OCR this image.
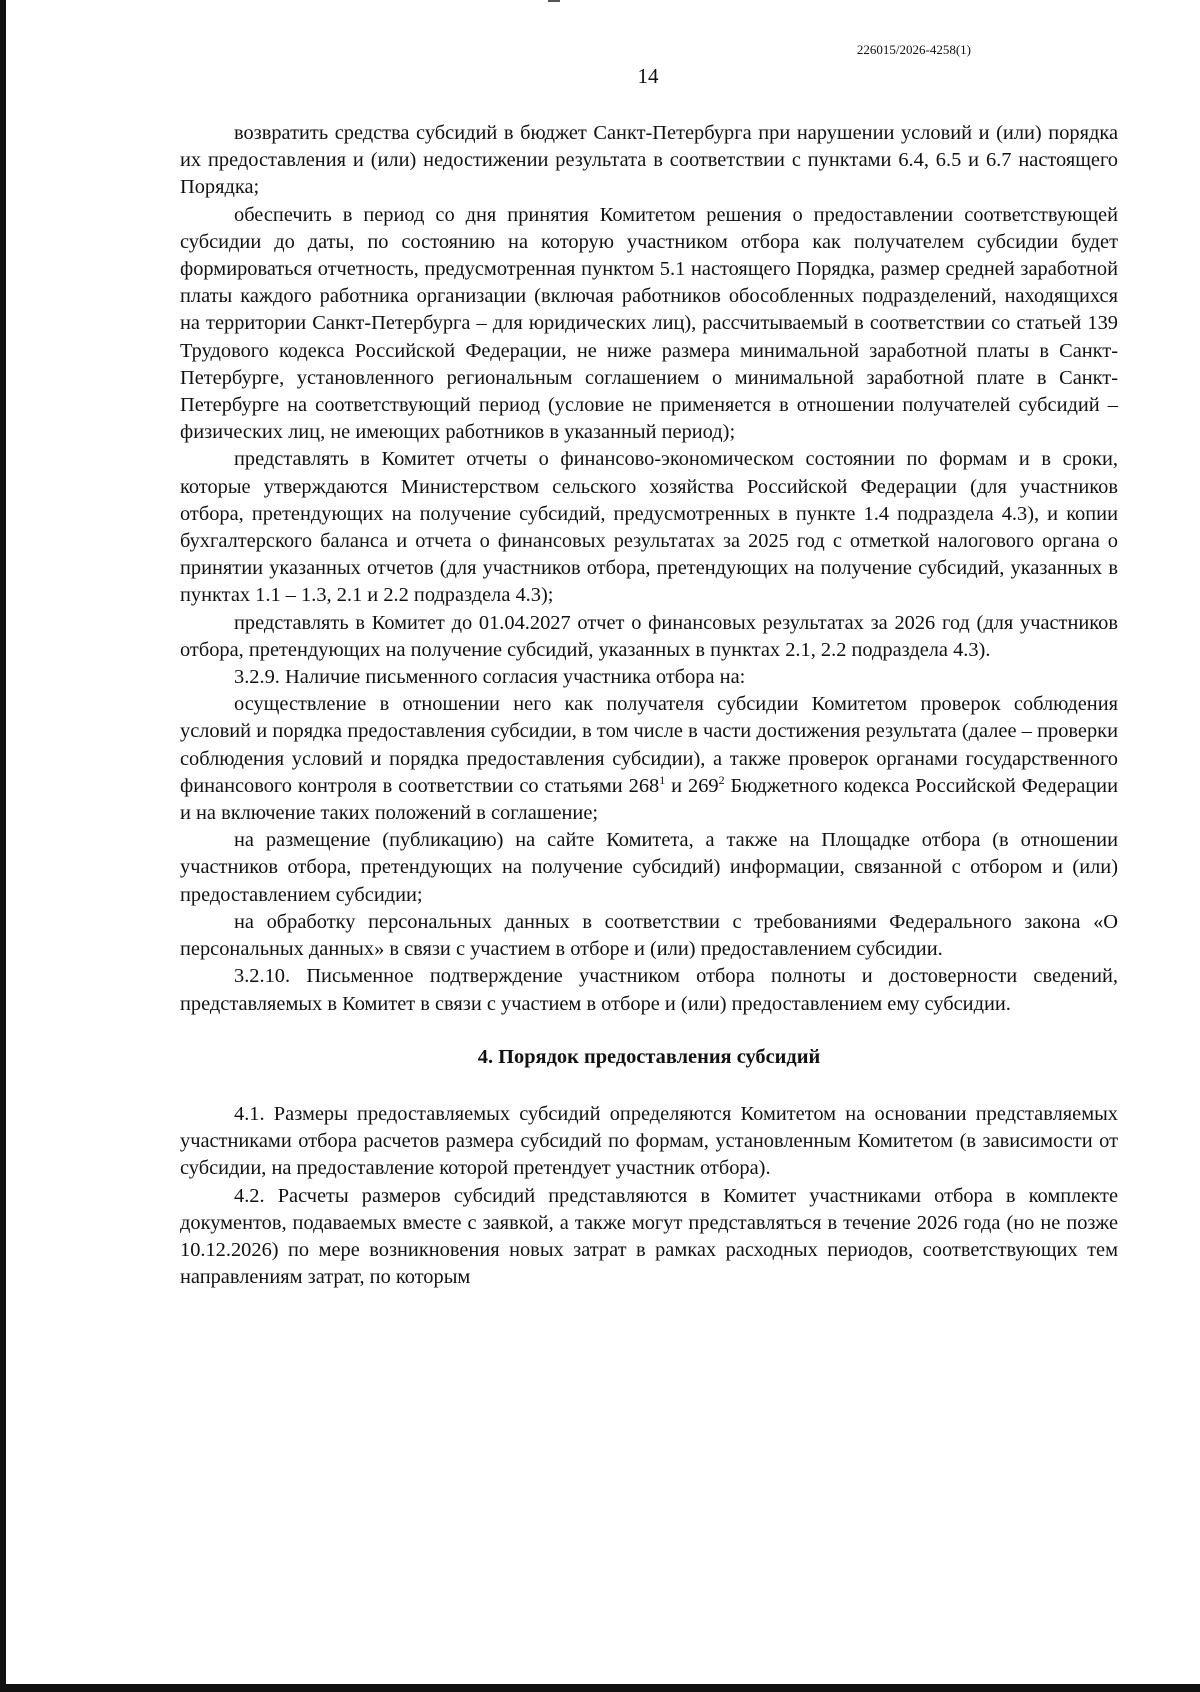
226015/2026-4258(1)
14

возвратить средства субсидий в бюджет Санкт-Петербурга при нарушении условий и (или) порядка их предоставления и (или) недостижении результата в соответствии с пунктами 6.4, 6.5 и 6.7 настоящего Порядка;

обеспечить в период со дня принятия Комитетом решения о предоставлении соответствующей субсидии до даты, по состоянию на которую участником отбора как получателем субсидии будет формироваться отчетность, предусмотренная пунктом 5.1 настоящего Порядка, размер средней заработной платы каждого работника организации (включая работников обособленных подразделений, находящихся на территории Санкт-Петербурга – для юридических лиц), рассчитываемый в соответствии со статьей 139 Трудового кодекса Российской Федерации, не ниже размера минимальной заработной платы в Санкт-Петербурге, установленного региональным соглашением о минимальной заработной плате в Санкт-Петербурге на соответствующий период (условие не применяется в отношении получателей субсидий – физических лиц, не имеющих работников в указанный период);

представлять в Комитет отчеты о финансово-экономическом состоянии по формам и в сроки, которые утверждаются Министерством сельского хозяйства Российской Федерации (для участников отбора, претендующих на получение субсидий, предусмотренных в пункте 1.4 подраздела 4.3), и копии бухгалтерского баланса и отчета о финансовых результатах за 2025 год с отметкой налогового органа о принятии указанных отчетов (для участников отбора, претендующих на получение субсидий, указанных в пунктах 1.1 – 1.3, 2.1 и 2.2 подраздела 4.3);

представлять в Комитет до 01.04.2027 отчет о финансовых результатах за 2026 год (для участников отбора, претендующих на получение субсидий, указанных в пунктах 2.1, 2.2 подраздела 4.3).

3.2.9. Наличие письменного согласия участника отбора на:

осуществление в отношении него как получателя субсидии Комитетом проверок соблюдения условий и порядка предоставления субсидии, в том числе в части достижения результата (далее – проверки соблюдения условий и порядка предоставления субсидии), а также проверок органами государственного финансового контроля в соответствии со статьями $268^1$ и $269^2$ Бюджетного кодекса Российской Федерации и на включение таких положений в соглашение;

на размещение (публикацию) на сайте Комитета, а также на Площадке отбора (в отношении участников отбора, претендующих на получение субсидий) информации, связанной с отбором и (или) предоставлением субсидии;

на обработку персональных данных в соответствии с требованиями Федерального закона «О персональных данных» в связи с участием в отборе и (или) предоставлением субсидии.

3.2.10. Письменное подтверждение участником отбора полноты и достоверности сведений, представляемых в Комитет в связи с участием в отборе и (или) предоставлением ему субсидии.

4. Порядок предоставления субсидий

4.1. Размеры предоставляемых субсидий определяются Комитетом на основании представляемых участниками отбора расчетов размера субсидий по формам, установленным Комитетом (в зависимости от субсидии, на предоставление которой претендует участник отбора).

4.2. Расчеты размеров субсидий представляются в Комитет участниками отбора в комплекте документов, подаваемых вместе с заявкой, а также могут представляться в течение 2026 года (но не позже 10.12.2026) по мере возникновения новых затрат в рамках расходных периодов, соответствующих тем направлениям затрат, по которым
